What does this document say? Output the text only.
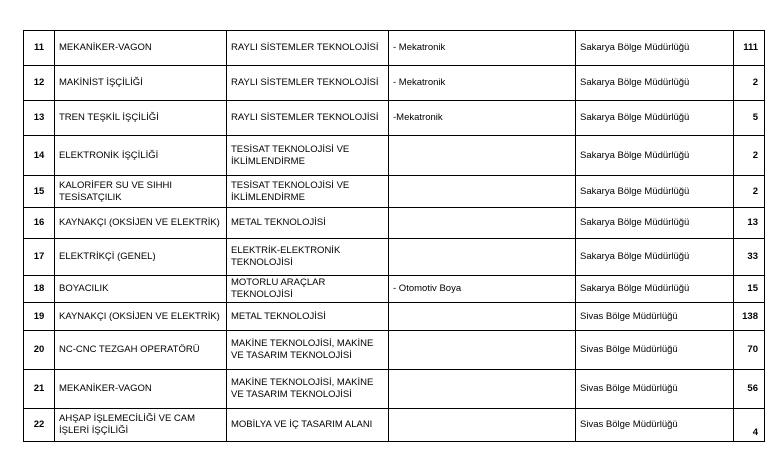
11	MEKANİKER-VAGON	RAYLI SİSTEMLER TEKNOLOJİSİ	- Mekatronik	Sakarya Bölge Müdürlüğü	111
12	MAKİNİST İŞÇİLİĞİ	RAYLI SİSTEMLER TEKNOLOJİSİ	- Mekatronik	Sakarya Bölge Müdürlüğü	2
13	TREN TEŞKİL İŞÇİLİĞİ	RAYLI SİSTEMLER TEKNOLOJİSİ	-Mekatronik	Sakarya Bölge Müdürlüğü	5
14	ELEKTRONİK İŞÇİLİĞİ	TESİSAT TEKNOLOJİSİ VE İKLİMLENDİRME		Sakarya Bölge Müdürlüğü	2
15	KALORİFER SU VE SIHHI TESİSATÇILIK	TESİSAT TEKNOLOJİSİ VE İKLİMLENDİRME		Sakarya Bölge Müdürlüğü	2
16	KAYNAKÇI (OKSİJEN VE ELEKTRİK)	METAL TEKNOLOJİSİ		Sakarya Bölge Müdürlüğü	13
17	ELEKTRİKÇİ (GENEL)	ELEKTRİK-ELEKTRONİK TEKNOLOJİSİ		Sakarya Bölge Müdürlüğü	33
18	BOYACILIK	MOTORLU ARAÇLAR TEKNOLOJİSİ	- Otomotiv Boya	Sakarya Bölge Müdürlüğü	15
19	KAYNAKÇI (OKSİJEN VE ELEKTRİK)	METAL TEKNOLOJİSİ		Sivas Bölge Müdürlüğü	138
20	NC-CNC TEZGAH OPERATÖRÜ	MAKİNE TEKNOLOJİSİ, MAKİNE VE TASARIM TEKNOLOJİSİ		Sivas Bölge Müdürlüğü	70
21	MEKANİKER-VAGON	MAKİNE TEKNOLOJİSİ, MAKİNE VE TASARIM TEKNOLOJİSİ		Sivas Bölge Müdürlüğü	56
22	AHŞAP İŞLEMECİLİĞİ VE CAM İŞLERİ İŞÇİLİĞİ	MOBİLYA VE İÇ TASARIM ALANI		Sivas Bölge Müdürlüğü	4
